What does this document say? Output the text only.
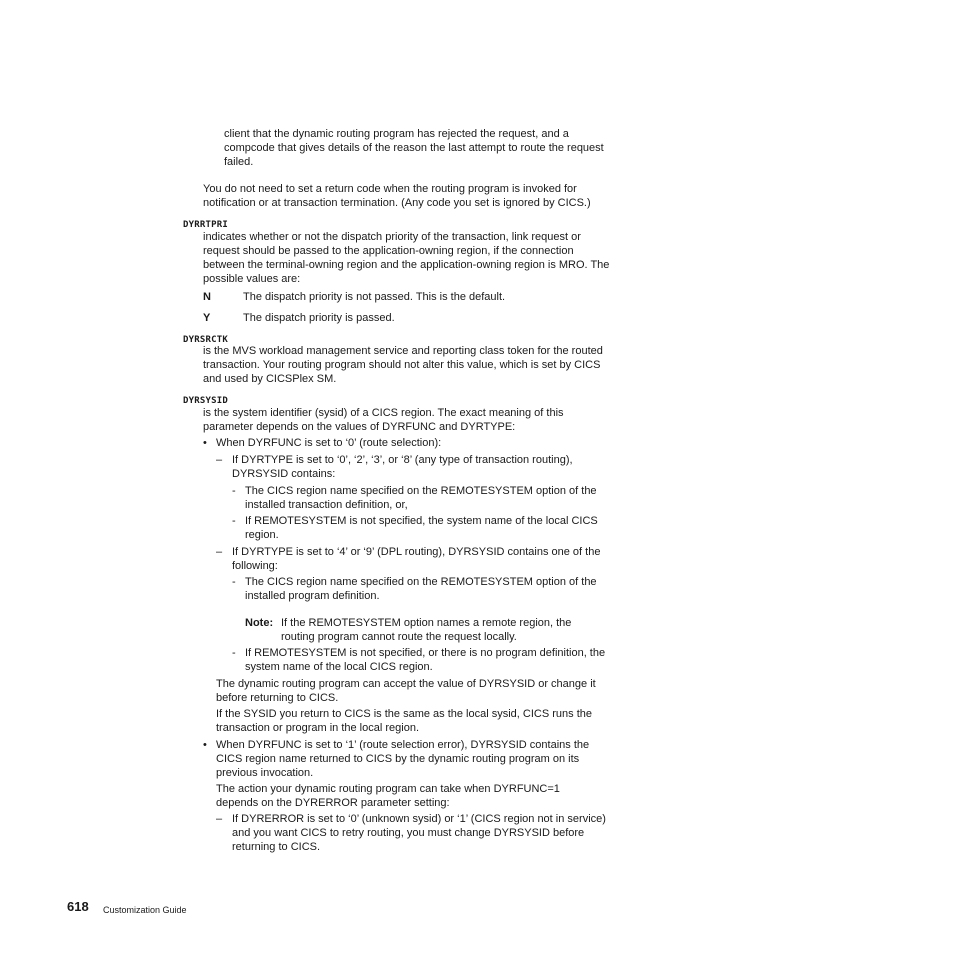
client that the dynamic routing program has rejected the request, and a compcode that gives details of the reason the last attempt to route the request failed.

You do not need to set a return code when the routing program is invoked for notification or at transaction termination. (Any code you set is ignored by CICS.)

DYRRTPRI

indicates whether or not the dispatch priority of the transaction, link request or request should be passed to the application-owning region, if the connection between the terminal-owning region and the application-owning region is MRO. The possible values are:

N	The dispatch priority is not passed. This is the default.
Y	The dispatch priority is passed.
DYRSRCTK

is the MVS workload management service and reporting class token for the routed transaction. Your routing program should not alter this value, which is set by CICS and used by CICSPlex SM.

DYRSYSID

is the system identifier (sysid) of a CICS region. The exact meaning of this parameter depends on the values of DYRFUNC and DYRTYPE:

• When DYRFUNC is set to ‘0’ (route selection):

– If DYRTYPE is set to ‘0’, ‘2’, ‘3’, or ‘8’ (any type of transaction routing), DYRSYSID contains:

- The CICS region name specified on the REMOTESYSTEM option of the installed transaction definition, or,

- If REMOTESYSTEM is not specified, the system name of the local CICS region.

– If DYRTYPE is set to ‘4’ or ‘9’ (DPL routing), DYRSYSID contains one of the following:

- The CICS region name specified on the REMOTESYSTEM option of the installed program definition.

Note: If the REMOTESYSTEM option names a remote region, the routing program cannot route the request locally.

- If REMOTESYSTEM is not specified, or there is no program definition, the system name of the local CICS region.

The dynamic routing program can accept the value of DYRSYSID or change it before returning to CICS.

If the SYSID you return to CICS is the same as the local sysid, CICS runs the transaction or program in the local region.

• When DYRFUNC is set to ‘1’ (route selection error), DYRSYSID contains the CICS region name returned to CICS by the dynamic routing program on its previous invocation.

The action your dynamic routing program can take when DYRFUNC=1 depends on the DYRERROR parameter setting:

– If DYRERROR is set to ‘0’ (unknown sysid) or ‘1’ (CICS region not in service) and you want CICS to retry routing, you must change DYRSYSID before returning to CICS.

618 Customization Guide
